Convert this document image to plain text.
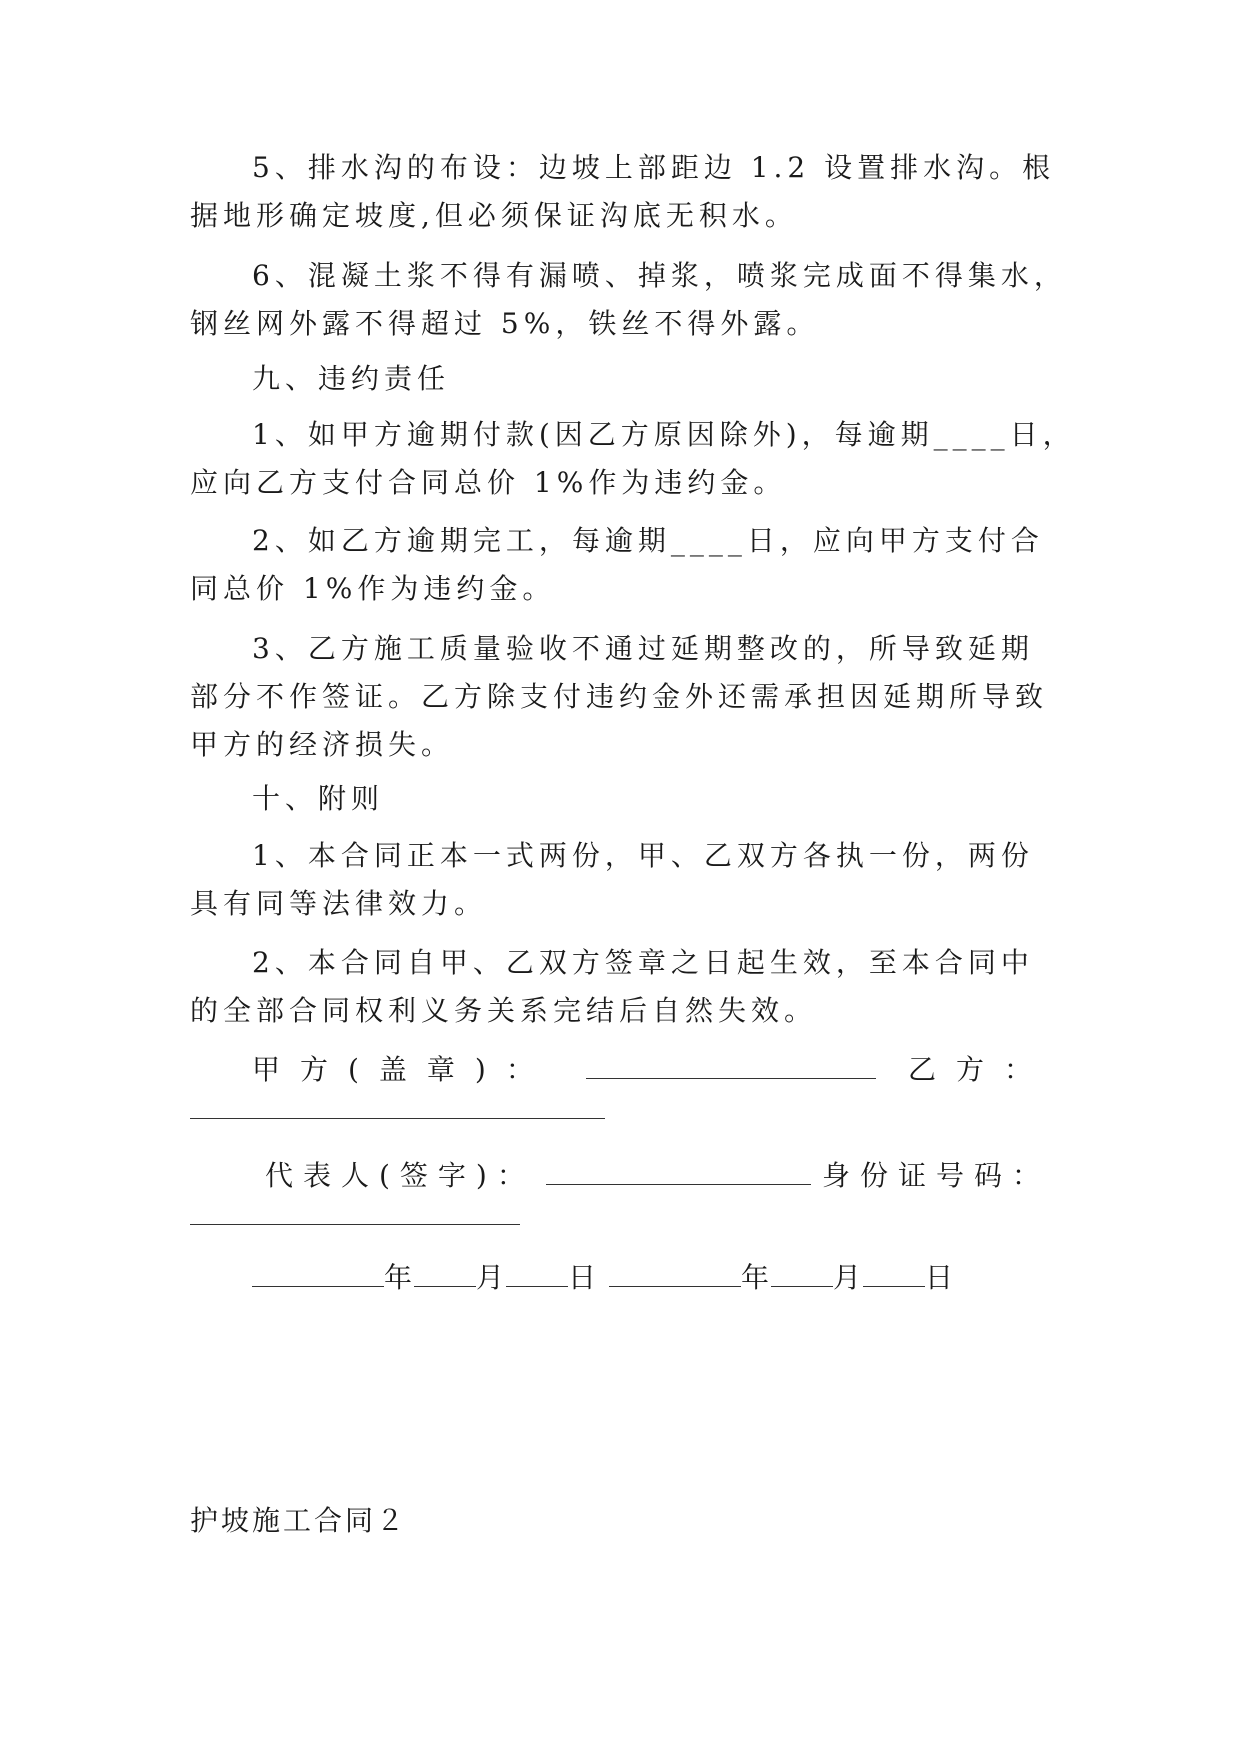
5、排水沟的布设：边坡上部距边 1.2 设置排水沟。根
据地形确定坡度,但必须保证沟底无积水。
6、混凝土浆不得有漏喷、掉浆，喷浆完成面不得集水，
钢丝网外露不得超过 5%，铁丝不得外露。
九、违约责任
1、如甲方逾期付款(因乙方原因除外)，每逾期____日，
应向乙方支付合同总价 1%作为违约金。
2、如乙方逾期完工，每逾期____日，应向甲方支付合
同总价 1%作为违约金。
3、乙方施工质量验收不通过延期整改的，所导致延期
部分不作签证。乙方除支付违约金外还需承担因延期所导致
甲方的经济损失。
十、附则
1、本合同正本一式两份，甲、乙双方各执一份，两份
具有同等法律效力。
2、本合同自甲、乙双方签章之日起生效，至本合同中
的全部合同权利义务关系完结后自然失效。
甲方(盖章)：	乙方：
代表人(签字)：	身份证号码：
年 月 日	年 月 日
护坡施工合同２
